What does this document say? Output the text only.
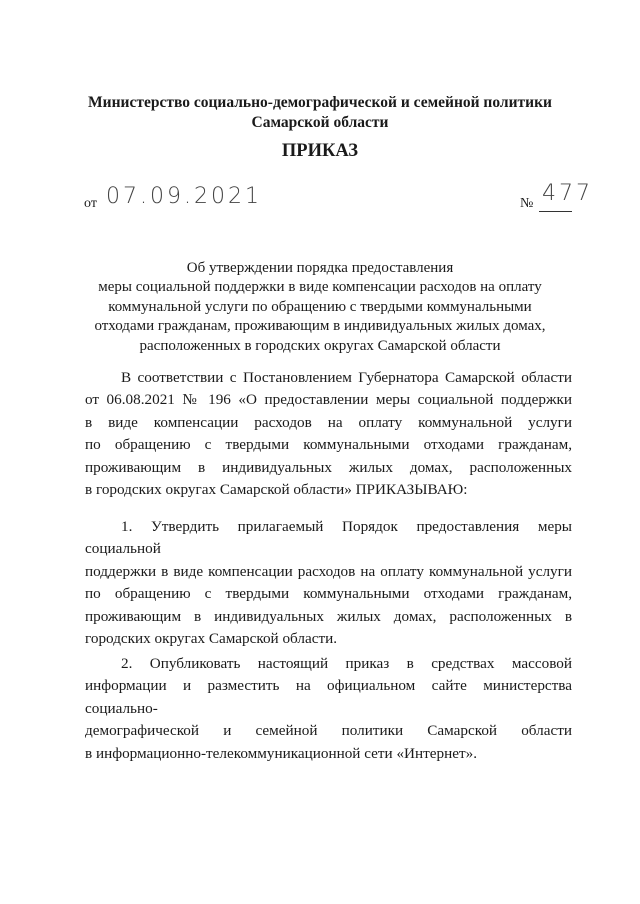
Министерство социально-демографической и семейной политики
Самарской области
ПРИКАЗ
от 07.09.2021	№ 477
Об утверждении порядка предоставления
меры социальной поддержки в виде компенсации расходов на оплату
коммунальной услуги по обращению с твердыми коммунальными
отходами гражданам, проживающим в индивидуальных жилых домах,
расположенных в городских округах Самарской области
В соответствии с Постановлением Губернатора Самарской области
от 06.08.2021 № 196 «О предоставлении меры социальной поддержки
в виде компенсации расходов на оплату коммунальной услуги
по обращению с твердыми коммунальными отходами гражданам,
проживающим в индивидуальных жилых домах, расположенных
в городских округах Самарской области» ПРИКАЗЫВАЮ:
1. Утвердить прилагаемый Порядок предоставления меры социальной
поддержки в виде компенсации расходов на оплату коммунальной услуги
по обращению с твердыми коммунальными отходами гражданам,
проживающим в индивидуальных жилых домах, расположенных в
городских округах Самарской области.
2. Опубликовать настоящий приказ в средствах массовой
информации и разместить на официальном сайте министерства социально-
демографической и семейной политики Самарской области
в информационно-телекоммуникационной сети «Интернет».
